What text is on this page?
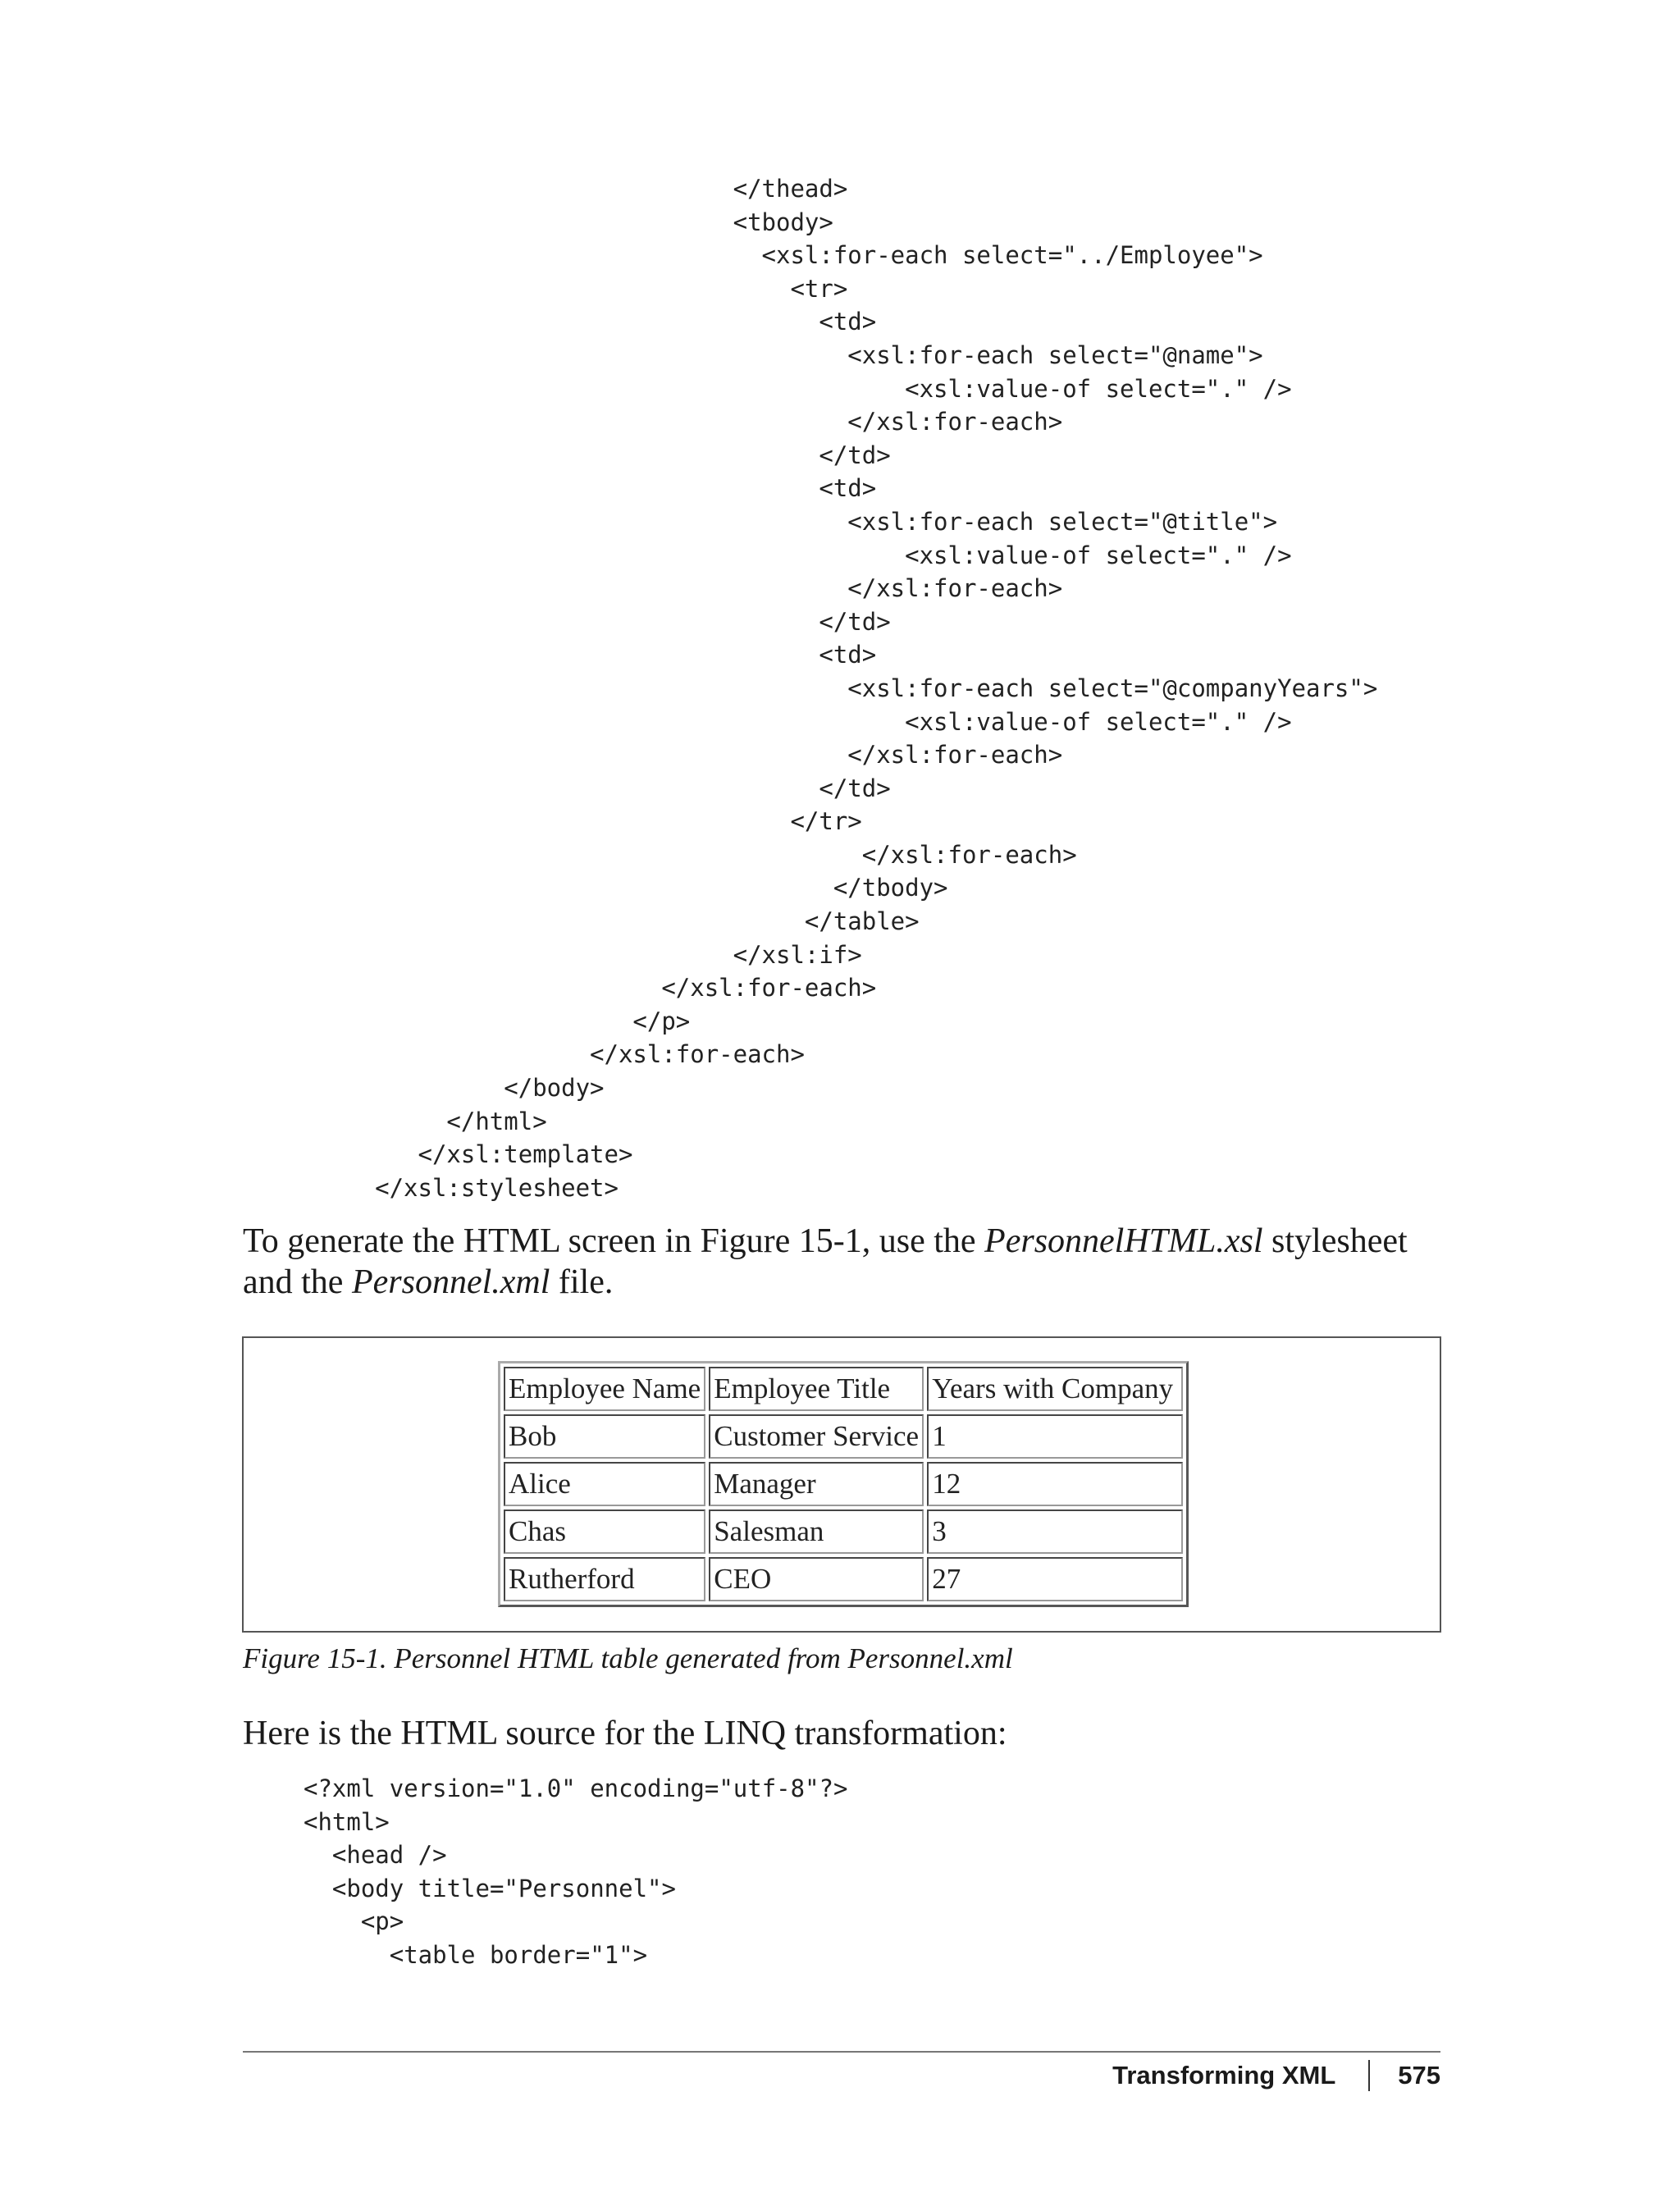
</thead>
<tbody>
<xsl:for-each select="../Employee">
<tr>
<td>
<xsl:for-each select="@name">
<xsl:value-of select="." />
</xsl:for-each>
</td>
<td>
<xsl:for-each select="@title">
<xsl:value-of select="." />
</xsl:for-each>
</td>
<td>
<xsl:for-each select="@companyYears">
<xsl:value-of select="." />
</xsl:for-each>
</td>
</tr>
</xsl:for-each>
</tbody>
</table>
</xsl:if>
</xsl:for-each>
</p>
</xsl:for-each>
</body>
</html>
</xsl:template>
</xsl:stylesheet>

To generate the HTML screen in Figure 15-1, use the PersonnelHTML.xsl stylesheet and the Personnel.xml file.

Employee Name	Employee Title	Years with Company
Bob	Customer Service	1
Alice	Manager	12
Chas	Salesman	3
Rutherford	CEO	27
Figure 15-1. Personnel HTML table generated from Personnel.xml

Here is the HTML source for the LINQ transformation:

<?xml version="1.0" encoding="utf-8"?>
<html>
<head />
<body title="Personnel">
<p>
<table border="1">
Transforming XML 575
